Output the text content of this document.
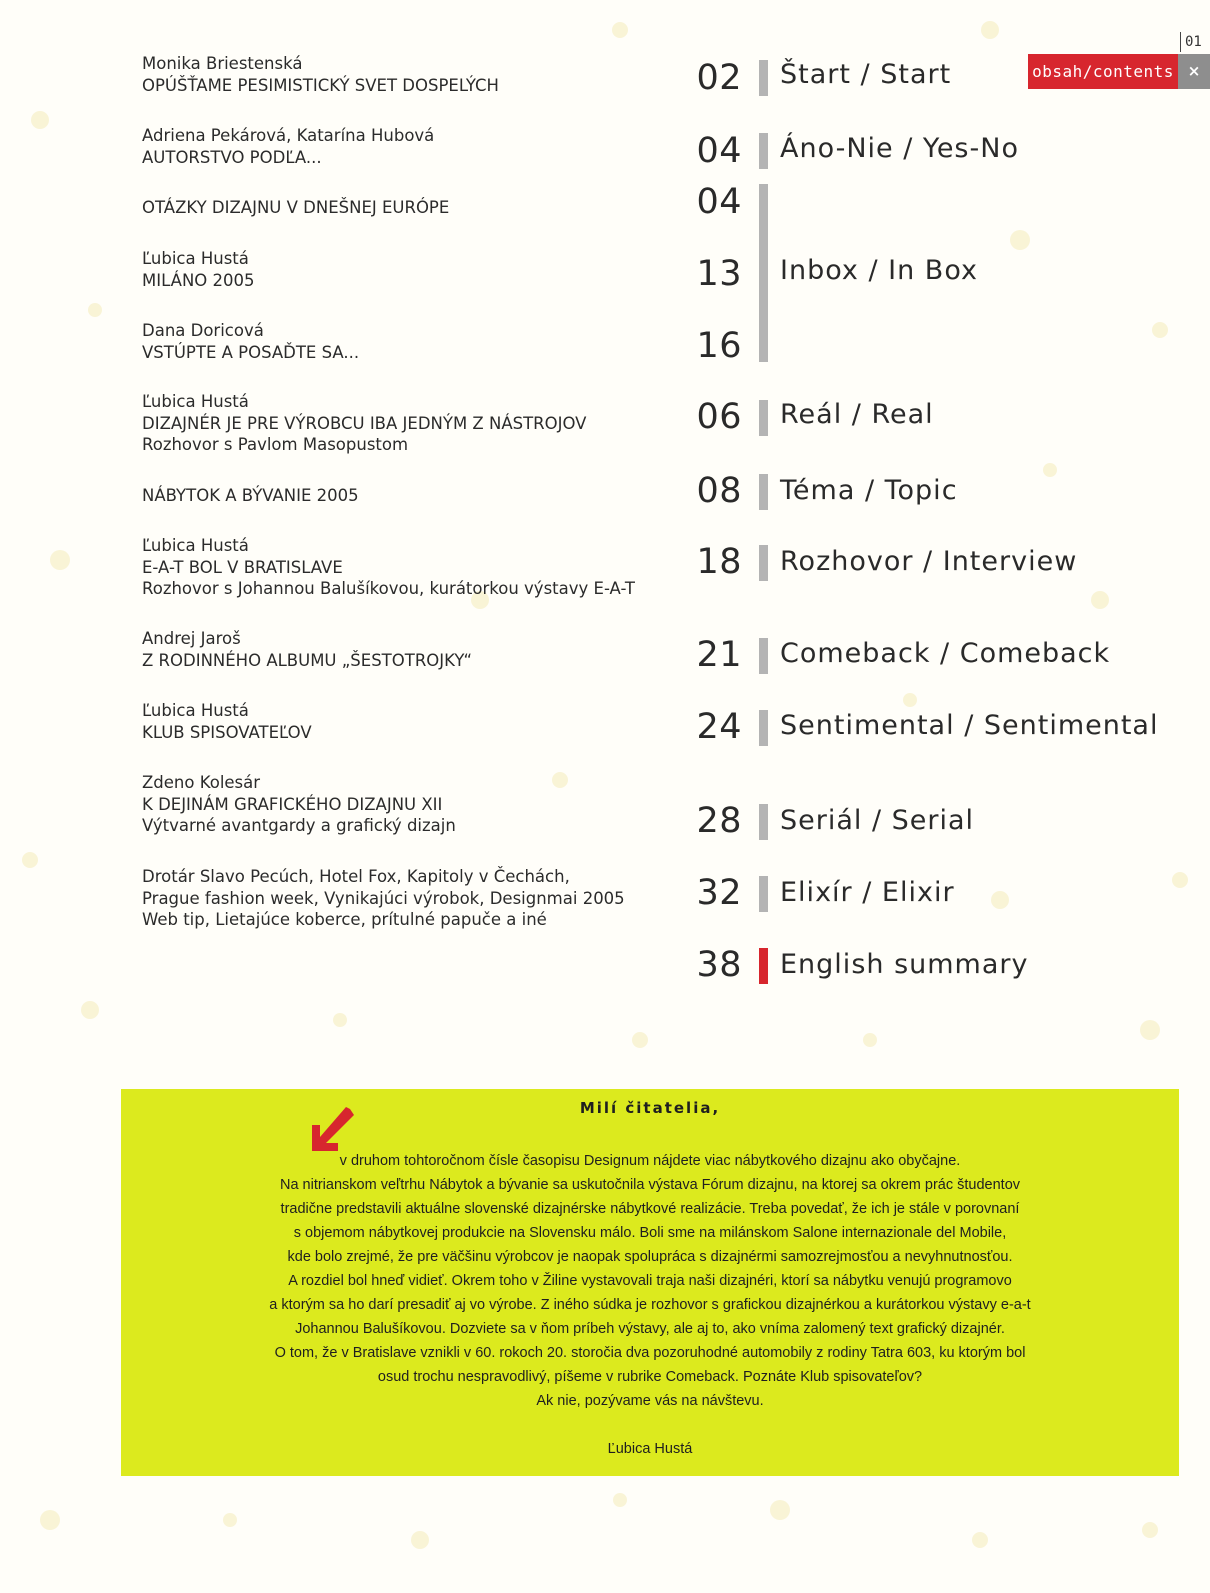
01
obsah/contents ×
Monika Briestenská
OPÚŠŤAME PESIMISTICKÝ SVET DOSPELÝCH
Adriena Pekárová, Katarína Hubová
AUTORSTVO PODĽA...
OTÁZKY DIZAJNU V DNEŠNEJ EURÓPE
Ľubica Hustá
MILÁNO 2005
Dana Doricová
VSTÚPTE A POSAĎTE SA...
Ľubica Hustá
DIZAJNÉR JE PRE VÝROBCU IBA JEDNÝM Z NÁSTROJOV
Rozhovor s Pavlom Masopustom
NÁBYTOK A BÝVANIE 2005
Ľubica Hustá
E-A-T BOL V BRATISLAVE
Rozhovor s Johannou Balušíkovou, kurátorkou výstavy E-A-T
Andrej Jaroš
Z RODINNÉHO ALBUMU „ŠESTOTROJKY“
Ľubica Hustá
KLUB SPISOVATEĽOV
Zdeno Kolesár
K DEJINÁM GRAFICKÉHO DIZAJNU XII
Výtvarné avantgardy a grafický dizajn
Drotár Slavo Pecúch, Hotel Fox, Kapitoly v Čechách,
Prague fashion week, Vynikajúci výrobok, Designmai 2005
Web tip, Lietajúce koberce, prítulné papuče a iné
02
04
04
13
16
06
08
18
21
24
28
32
38
Štart / Start
Áno-Nie / Yes-No
Inbox / In Box
Reál / Real
Téma / Topic
Rozhovor / Interview
Comeback / Comeback
Sentimental / Sentimental
Seriál / Serial
Elixír / Elixir
English summary
Milí čitatelia,
v druhom tohtoročnom čísle časopisu Designum nájdete viac nábytkového dizajnu ako obyčajne.
Na nitrianskom veľtrhu Nábytok a bývanie sa uskutočnila výstava Fórum dizajnu, na ktorej sa okrem prác študentov
tradične predstavili aktuálne slovenské dizajnérske nábytkové realizácie. Treba povedať, že ich je stále v porovnaní
s objemom nábytkovej produkcie na Slovensku málo. Boli sme na milánskom Salone internazionale del Mobile,
kde bolo zrejmé, že pre väčšinu výrobcov je naopak spolupráca s dizajnérmi samozrejmosťou a nevyhnutnosťou.
A rozdiel bol hneď vidieť. Okrem toho v Žiline vystavovali traja naši dizajnéri, ktorí sa nábytku venujú programovo
a ktorým sa ho darí presadiť aj vo výrobe. Z iného súdka je rozhovor s grafickou dizajnérkou a kurátorkou výstavy e-a-t
Johannou Balušíkovou. Dozviete sa v ňom príbeh výstavy, ale aj to, ako vníma zalomený text grafický dizajnér.
O tom, že v Bratislave vznikli v 60. rokoch 20. storočia dva pozoruhodné automobily z rodiny Tatra 603, ku ktorým bol
osud trochu nespravodlivý, píšeme v rubrike Comeback. Poznáte Klub spisovateľov?
Ak nie, pozývame vás na návštevu.
Ľubica Hustá
